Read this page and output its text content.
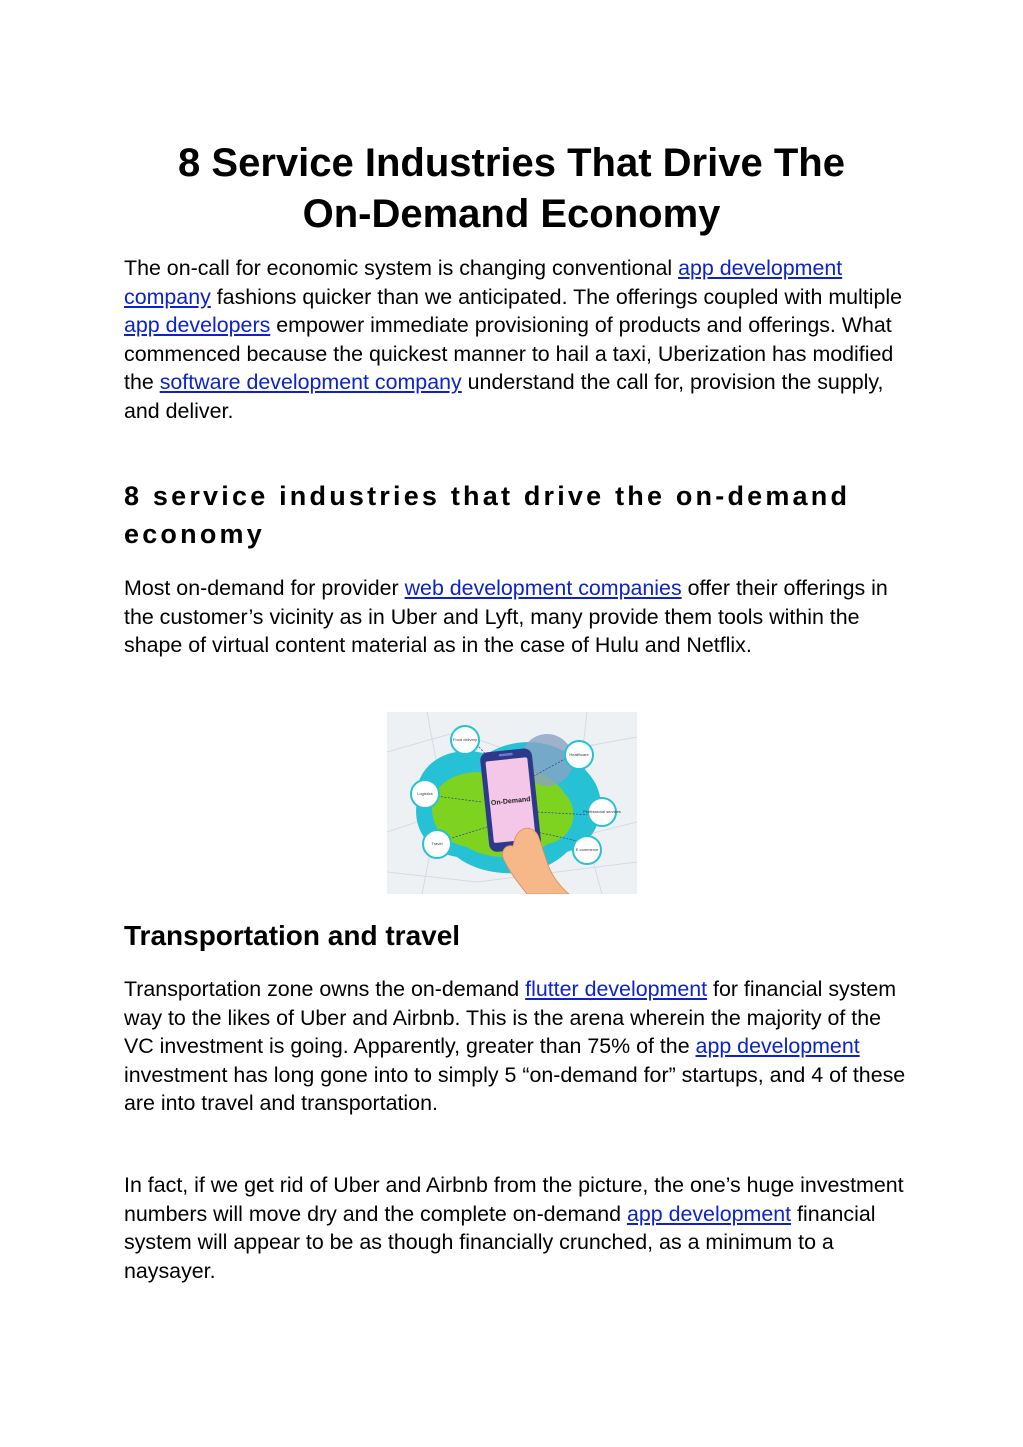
8 Service Industries That Drive The
On-Demand Economy

The on-call for economic system is changing conventional app development company fashions quicker than we anticipated. The offerings coupled with multiple app developers empower immediate provisioning of products and offerings. What commenced because the quickest manner to hail a taxi, Uberization has modified the software development company understand the call for, provision the supply, and deliver.

8 service industries that drive the on-demand economy

Most on-demand for provider web development companies offer their offerings in the customer’s vicinity as in Uber and Lyft, many provide them tools within the shape of virtual content material as in the case of Hulu and Netflix.

Food delivery
Healthcare
Logistics
Professional services
Travel
E-commerce
On-Demand
Transportation and travel

Transportation zone owns the on-demand flutter development for financial system way to the likes of Uber and Airbnb. This is the arena wherein the majority of the VC investment is going. Apparently, greater than 75% of the app development investment has long gone into to simply 5 “on-demand for” startups, and 4 of these are into travel and transportation.

In fact, if we get rid of Uber and Airbnb from the picture, the one’s huge investment numbers will move dry and the complete on-demand app development financial system will appear to be as though financially crunched, as a minimum to a naysayer.
